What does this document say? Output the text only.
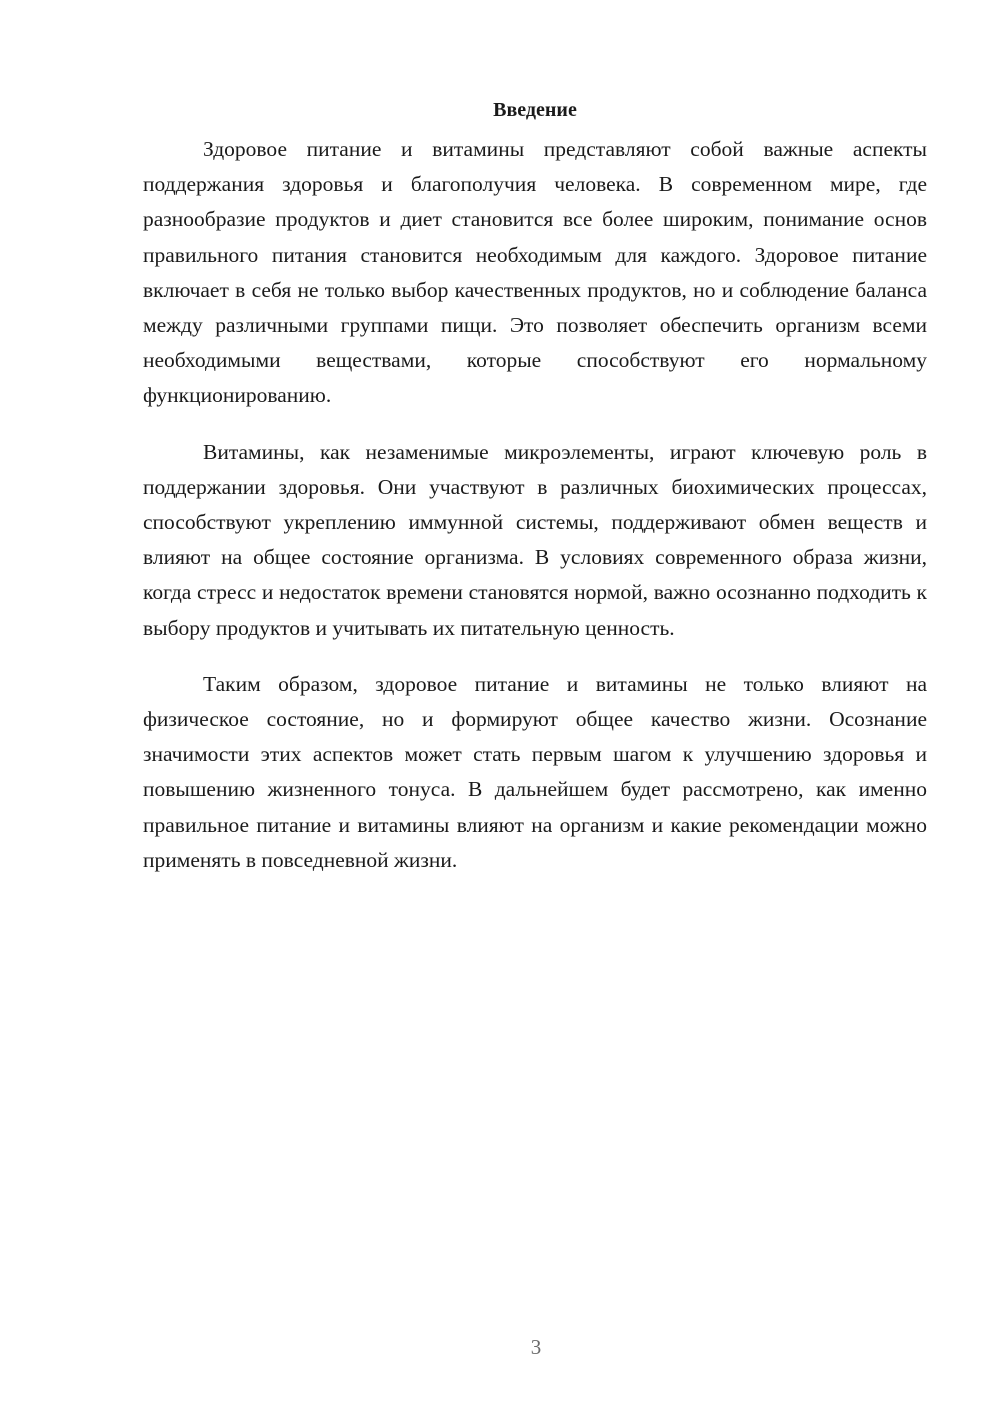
Введение

Здоровое питание и витамины представляют собой важные аспекты поддержания здоровья и благополучия человека. В современном мире, где разнообразие продуктов и диет становится все более широким, понимание основ правильного питания становится необходимым для каждого. Здоровое питание включает в себя не только выбор качественных продуктов, но и соблюдение баланса между различными группами пищи. Это позволяет обеспечить организм всеми необходимыми веществами, которые способствуют его нормальному функционированию.

Витамины, как незаменимые микроэлементы, играют ключевую роль в поддержании здоровья. Они участвуют в различных биохимических процессах, способствуют укреплению иммунной системы, поддерживают обмен веществ и влияют на общее состояние организма. В условиях современного образа жизни, когда стресс и недостаток времени становятся нормой, важно осознанно подходить к выбору продуктов и учитывать их питательную ценность.

Таким образом, здоровое питание и витамины не только влияют на физическое состояние, но и формируют общее качество жизни. Осознание значимости этих аспектов может стать первым шагом к улучшению здоровья и повышению жизненного тонуса. В дальнейшем будет рассмотрено, как именно правильное питание и витамины влияют на организм и какие рекомендации можно применять в повседневной жизни.

3
